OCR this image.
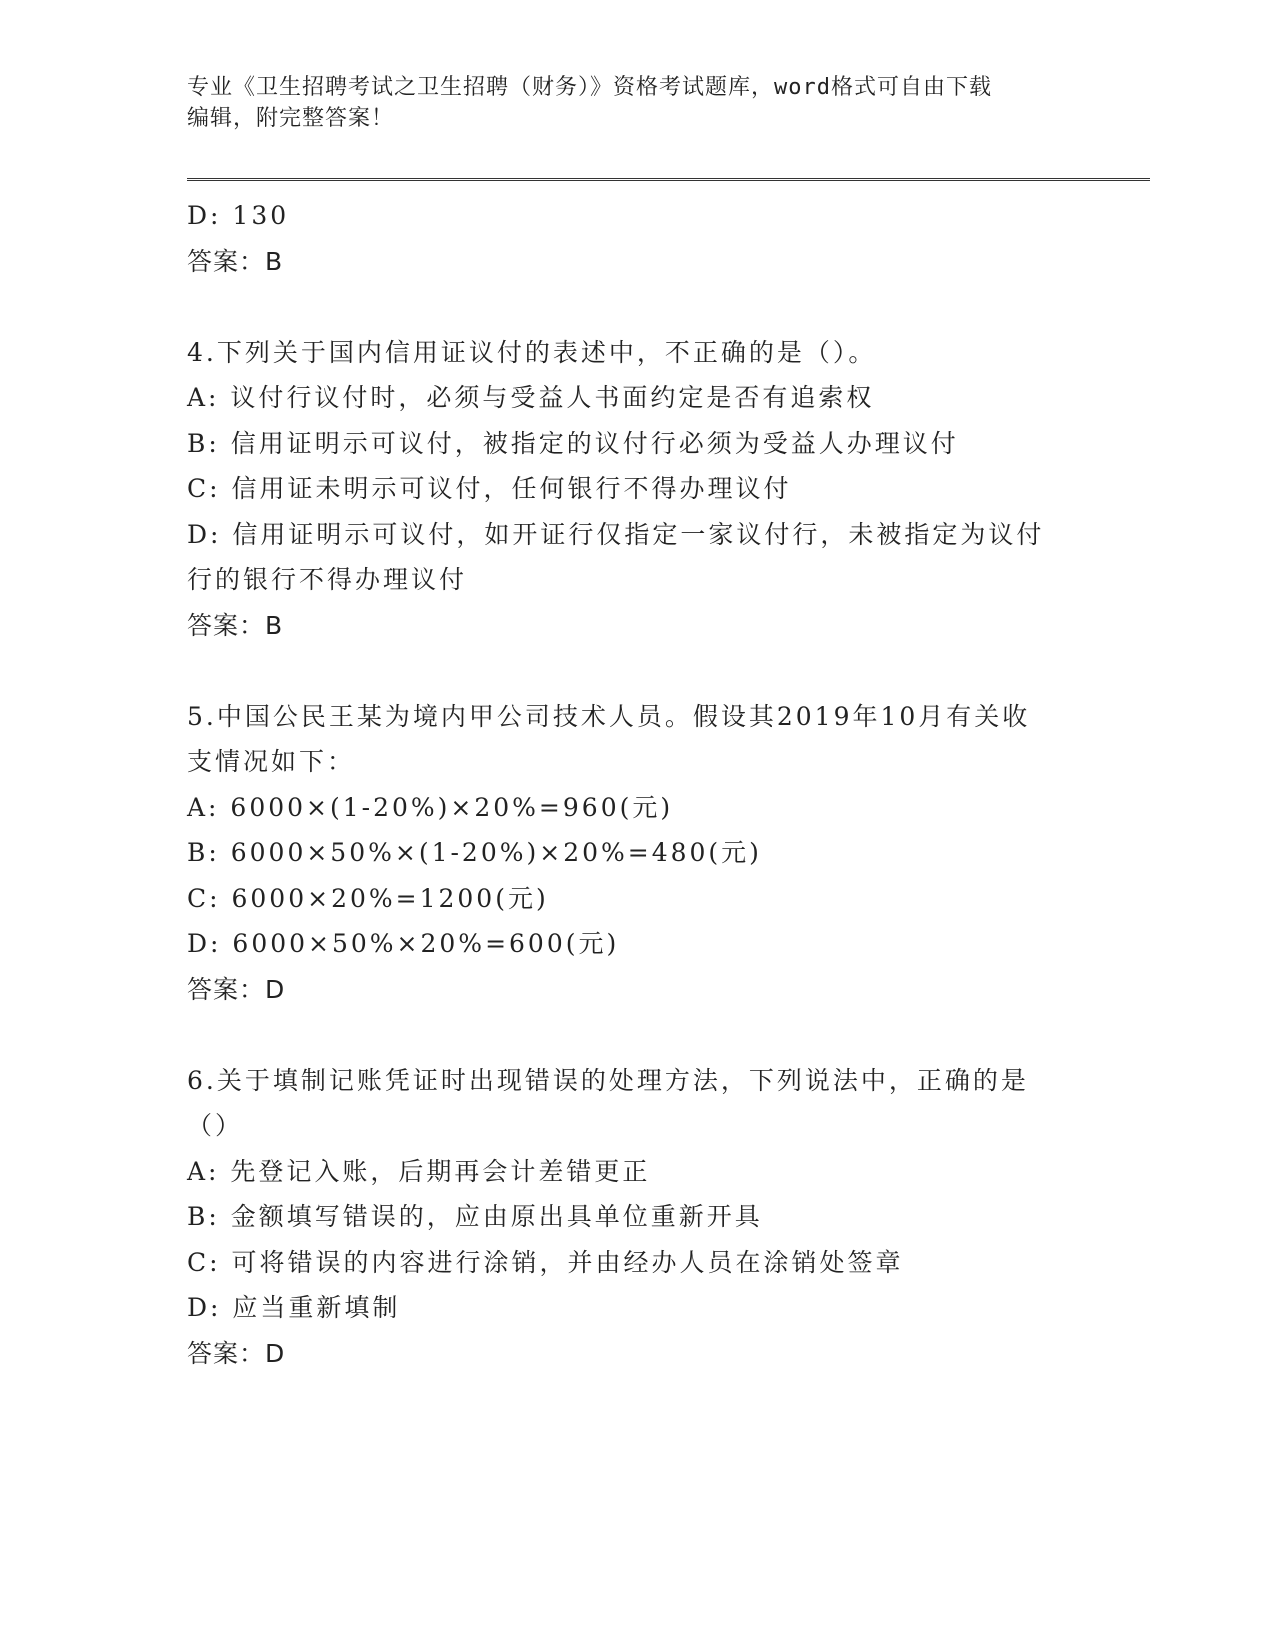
专业《卫生招聘考试之卫生招聘（财务）》资格考试题库，word格式可自由下载
编辑，附完整答案！
D: 130
答案：B
4.下列关于国内信用证议付的表述中，不正确的是（）。
A: 议付行议付时，必须与受益人书面约定是否有追索权
B: 信用证明示可议付，被指定的议付行必须为受益人办理议付
C: 信用证未明示可议付，任何银行不得办理议付
D: 信用证明示可议付，如开证行仅指定一家议付行，未被指定为议付
行的银行不得办理议付
答案：B
5.中国公民王某为境内甲公司技术人员。假设其2019年10月有关收
支情况如下：
A: 6000×(1-20%)×20%=960(元)
B: 6000×50%×(1-20%)×20%=480(元)
C: 6000×20%=1200(元)
D: 6000×50%×20%=600(元)
答案：D
6.关于填制记账凭证时出现错误的处理方法，下列说法中，正确的是
（）
A: 先登记入账，后期再会计差错更正
B: 金额填写错误的，应由原出具单位重新开具
C: 可将错误的内容进行涂销，并由经办人员在涂销处签章
D: 应当重新填制
答案：D
